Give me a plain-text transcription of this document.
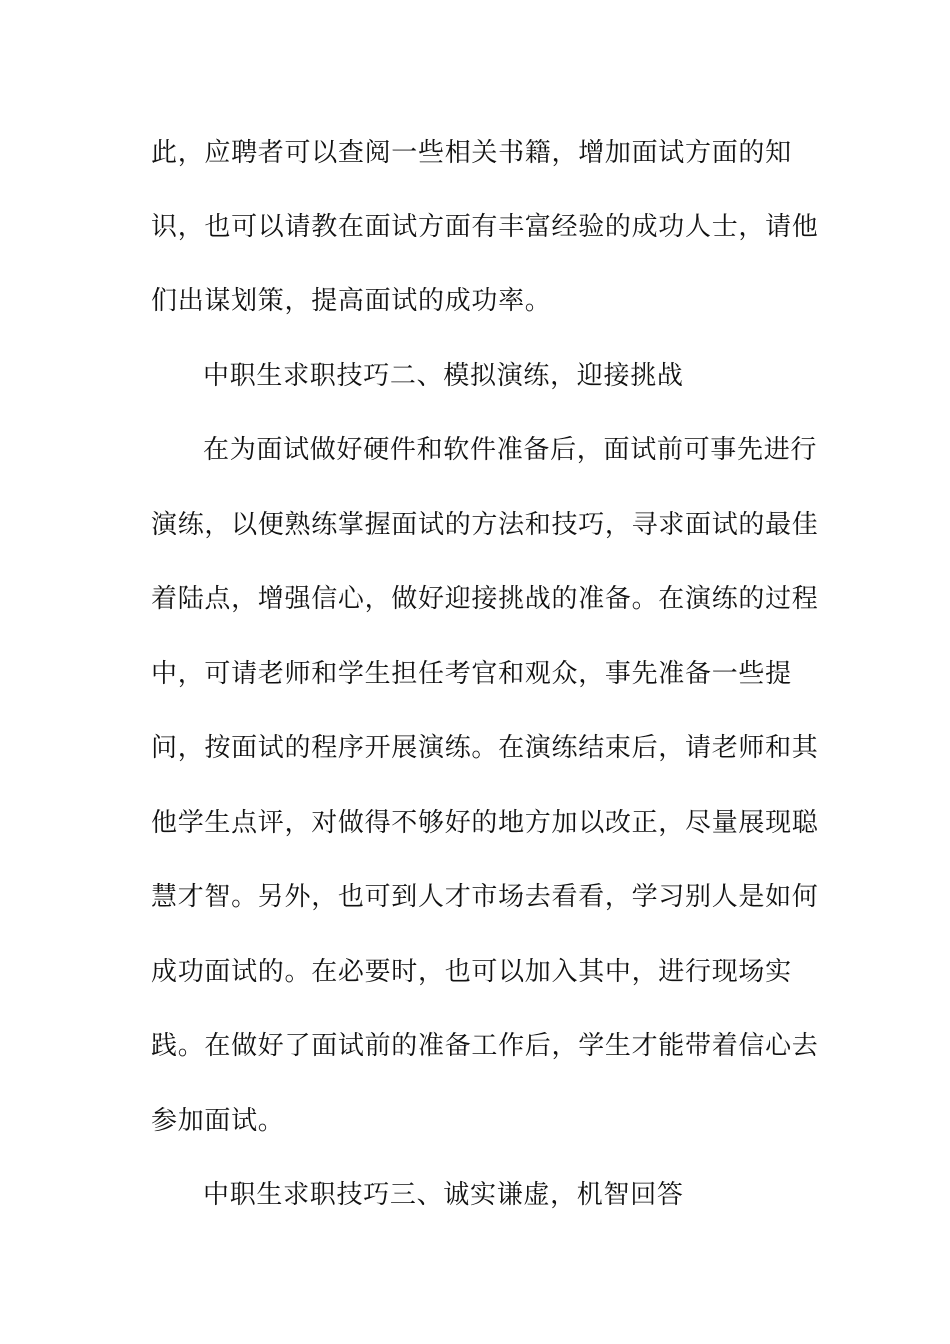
此，应聘者可以查阅一些相关书籍，增加面试方面的知

识，也可以请教在面试方面有丰富经验的成功人士，请他

们出谋划策，提高面试的成功率。

中职生求职技巧二、模拟演练，迎接挑战

在为面试做好硬件和软件准备后，面试前可事先进行

演练，以便熟练掌握面试的方法和技巧，寻求面试的最佳

着陆点，增强信心，做好迎接挑战的准备。在演练的过程

中，可请老师和学生担任考官和观众，事先准备一些提

问，按面试的程序开展演练。在演练结束后，请老师和其

他学生点评，对做得不够好的地方加以改正，尽量展现聪

慧才智。另外，也可到人才市场去看看，学习别人是如何

成功面试的。在必要时，也可以加入其中，进行现场实

践。在做好了面试前的准备工作后，学生才能带着信心去

参加面试。

中职生求职技巧三、诚实谦虚，机智回答
